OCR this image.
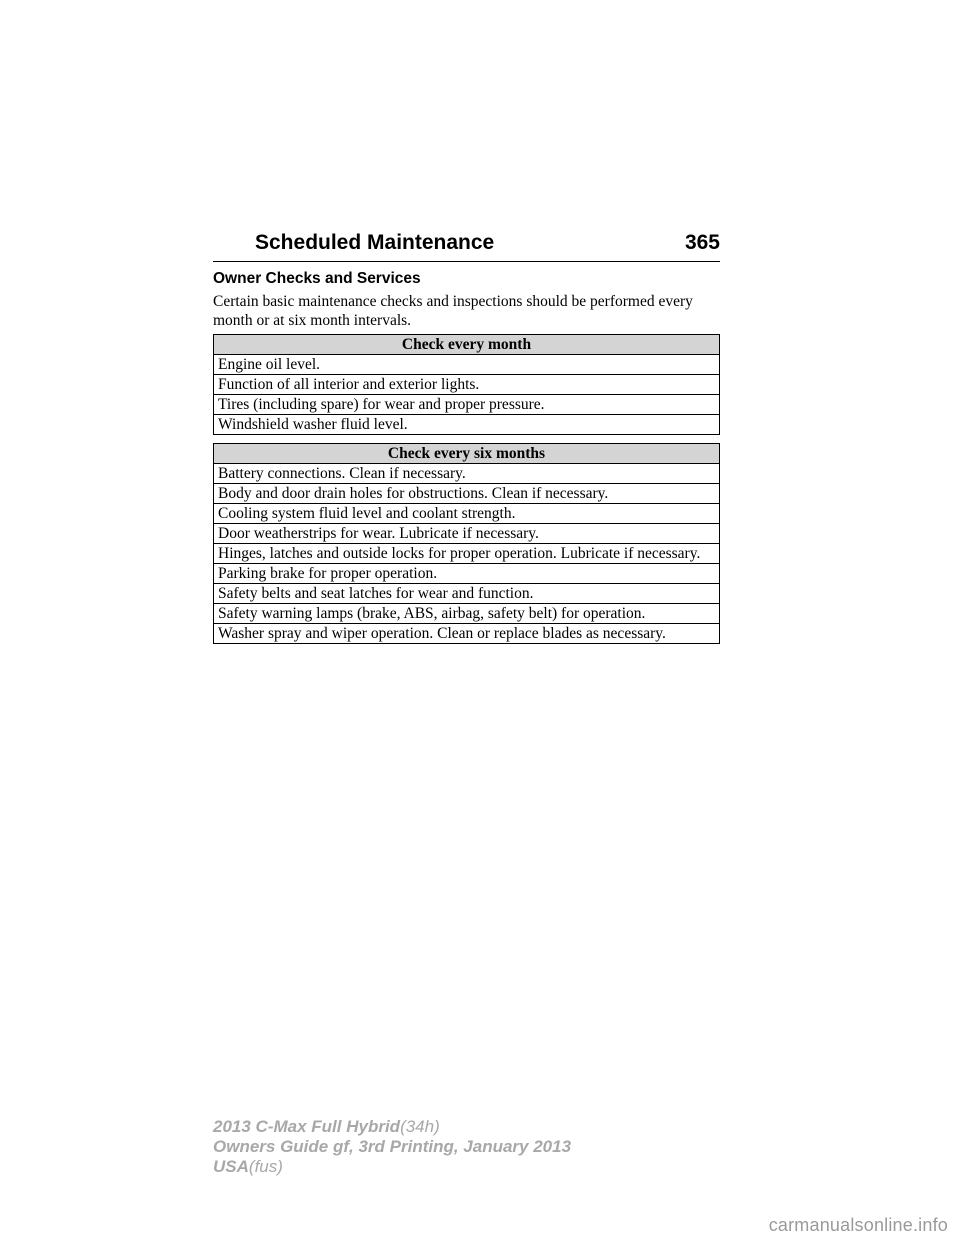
Scheduled Maintenance	365
Owner Checks and Services
Certain basic maintenance checks and inspections should be performed every month or at six month intervals.
Check every month
Engine oil level.
Function of all interior and exterior lights.
Tires (including spare) for wear and proper pressure.
Windshield washer fluid level.
Check every six months
Battery connections. Clean if necessary.
Body and door drain holes for obstructions. Clean if necessary.
Cooling system fluid level and coolant strength.
Door weatherstrips for wear. Lubricate if necessary.
Hinges, latches and outside locks for proper operation. Lubricate if necessary.
Parking brake for proper operation.
Safety belts and seat latches for wear and function.
Safety warning lamps (brake, ABS, airbag, safety belt) for operation.
Washer spray and wiper operation. Clean or replace blades as necessary.
2013 C-Max Full Hybrid(34h)
Owners Guide gf, 3rd Printing, January 2013
USA(fus)
carmanualsonline.info
